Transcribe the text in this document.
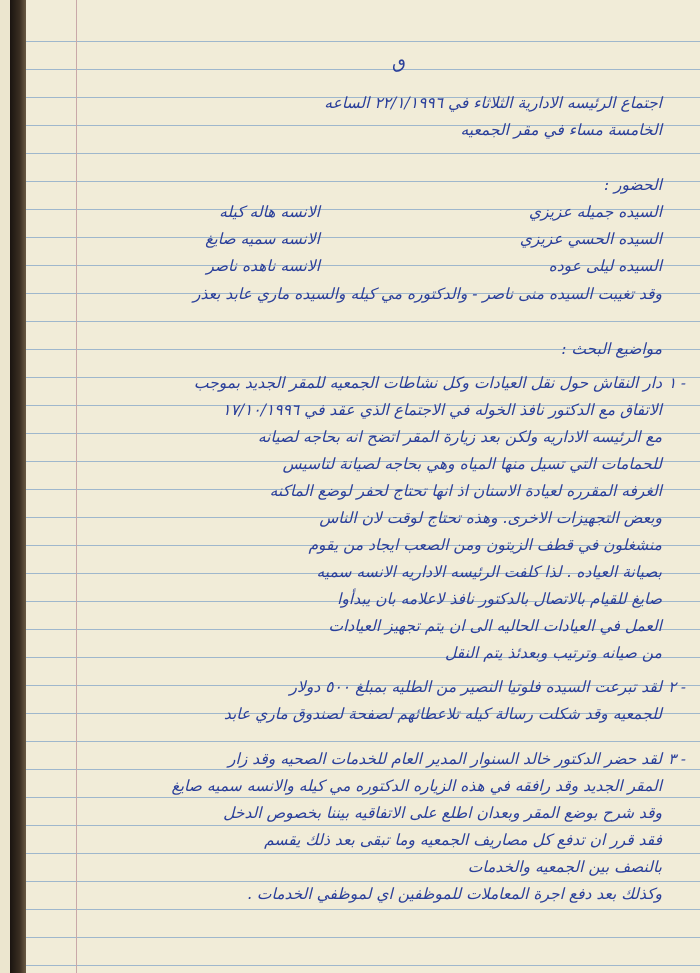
ٯ
اجتماع الرئيسه الادارية الثلاثاء في ٢٢/١/١٩٩٦ الساعه
الخامسة مساء في مقر الجمعيه
الحضور :
السيده جميله عزيزي
الانسه هاله كيله
السيده الحسي عزيزي
الانسه سميه صايغ
السيده ليلى عوده
الانسه ناهده ناصر
وقد تغيبت السيده منى ناصر - والدكتوره مي كيله والسيده ماري عابد بعذر
مواضيع البحث :
١ -
دار النقاش حول نقل العيادات وكل نشاطات الجمعيه للمقر الجديد بموجب
الاتفاق مع الدكتور نافذ الخوله في الاجتماع الذي عقد في ١٧/١٠/١٩٩٦
مع الرئيسه الاداريه ولكن بعد زيارة المقر اتضح انه بحاجه لصيانه
للحمامات التي تسيل منها المياه وهي بحاجه لصيانة لتاسيس
الغرفه المقرره لعيادة الاسنان اذ انها تحتاج لحفر لوضع الماكنه
وبعض التجهيزات الاخرى. وهذه تحتاج لوقت لان الناس
منشغلون في قطف الزيتون ومن الصعب ايجاد من يقوم
بصيانة العياده . لذا كلفت الرئيسه الاداريه الانسه سميه
صايغ للقيام بالاتصال بالدكتور نافذ لاعلامه بان يبدأوا
العمل في العيادات الحاليه الى ان يتم تجهيز العيادات
من صيانه وترتيب وبعدئذ يتم النقل
٢ -
لقد تبرعت السيده فلوتيا النصير من الطليه بمبلغ ٥٠٠ دولار
للجمعيه وقد شكلت رسالة كيله تلاعطائهم لصفحة لصندوق ماري عابد
٣ -
لقد حضر الدكتور خالد السنوار المدير العام للخدمات الصحيه وقد زار
المقر الجديد وقد رافقه في هذه الزياره الدكتوره مي كيله والانسه سميه صايغ
وقد شرح بوضع المقر وبعدان اطلع على الاتفاقيه بيننا بخصوص الدخل
فقد قرر ان تدفع كل مصاريف الجمعيه وما تبقى بعد ذلك يقسم
بالنصف بين الجمعيه والخدمات
وكذلك بعد دفع اجرة المعاملات للموظفين اي لموظفي الخدمات .
